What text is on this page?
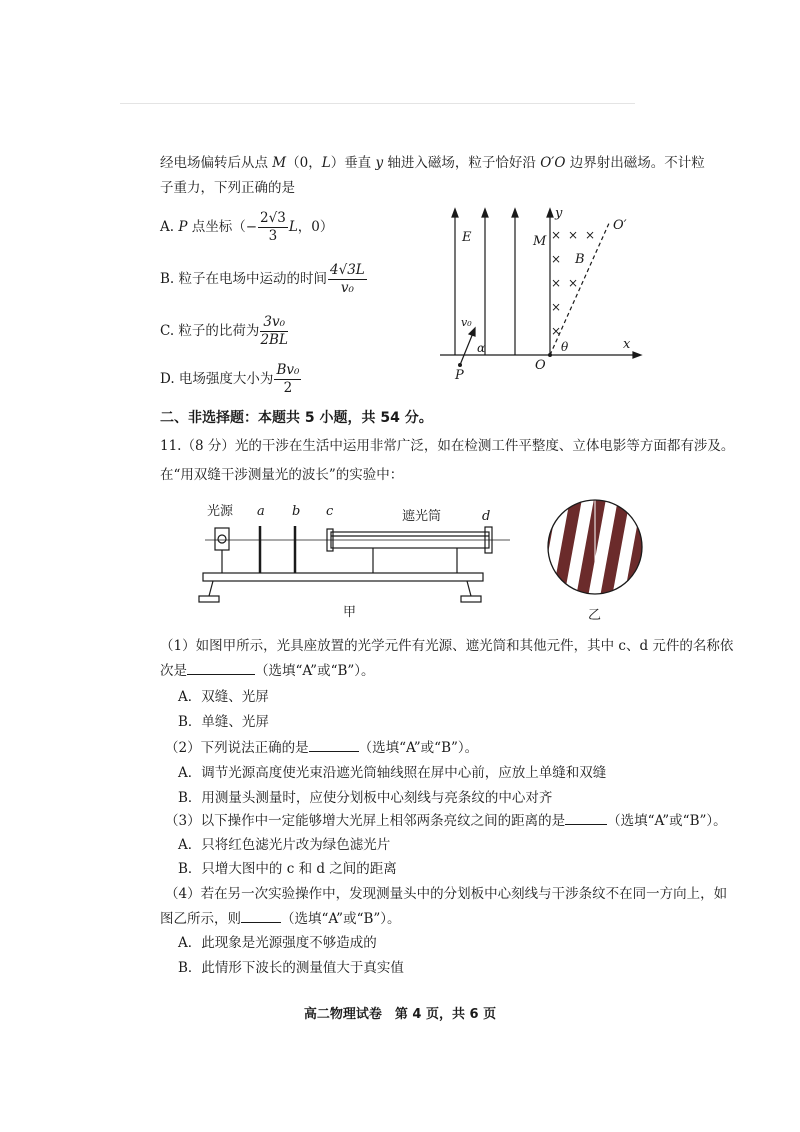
经电场偏转后从点 M（0，L）垂直 y 轴进入磁场，粒子恰好沿 O′O 边界射出磁场。不计粒
子重力，下列正确的是
A. P 点坐标（− $\frac{2√3}{3}$ L，0）
B. 粒子在电场中运动的时间 $\frac{4√3L}{\text{v₀}}$
C. 粒子的比荷为 $\frac{\text{3v₀}}{2BL}$
D. 电场强度大小为 $\frac{\text{Bv₀}}{2}$
E
y
M
O′
B
v₀
α	θ	x
P
O
× × ×
×
× ×
×
×
二、非选择题：本题共 5 小题，共 54 分。
11.（8 分）光的干涉在生活中运用非常广泛，如在检测工件平整度、立体电影等方面都有涉及。
在“用双缝干涉测量光的波长”的实验中：
光源 a b c	遮光筒	d
甲	乙
（1）如图甲所示，光具座放置的光学元件有光源、遮光筒和其他元件，其中 c、d 元件的名称依
次是	（选填“A”或“B”）。
A．双缝、光屏
B．单缝、光屏
（2）下列说法正确的是	（选填“A”或“B”）。
A．调节光源高度使光束沿遮光筒轴线照在屏中心前，应放上单缝和双缝
B．用测量头测量时，应使分划板中心刻线与亮条纹的中心对齐
（3）以下操作中一定能够增大光屏上相邻两条亮纹之间的距离的是	（选填“A”或“B”）。
A．只将红色滤光片改为绿色滤光片
B．只增大图中的 c 和 d 之间的距离
（4）若在另一次实验操作中，发现测量头中的分划板中心刻线与干涉条纹不在同一方向上，如
图乙所示，则	（选填“A”或“B”）。
A．此现象是光源强度不够造成的
B．此情形下波长的测量值大于真实值
高二物理试卷　第 4 页，共 6 页
